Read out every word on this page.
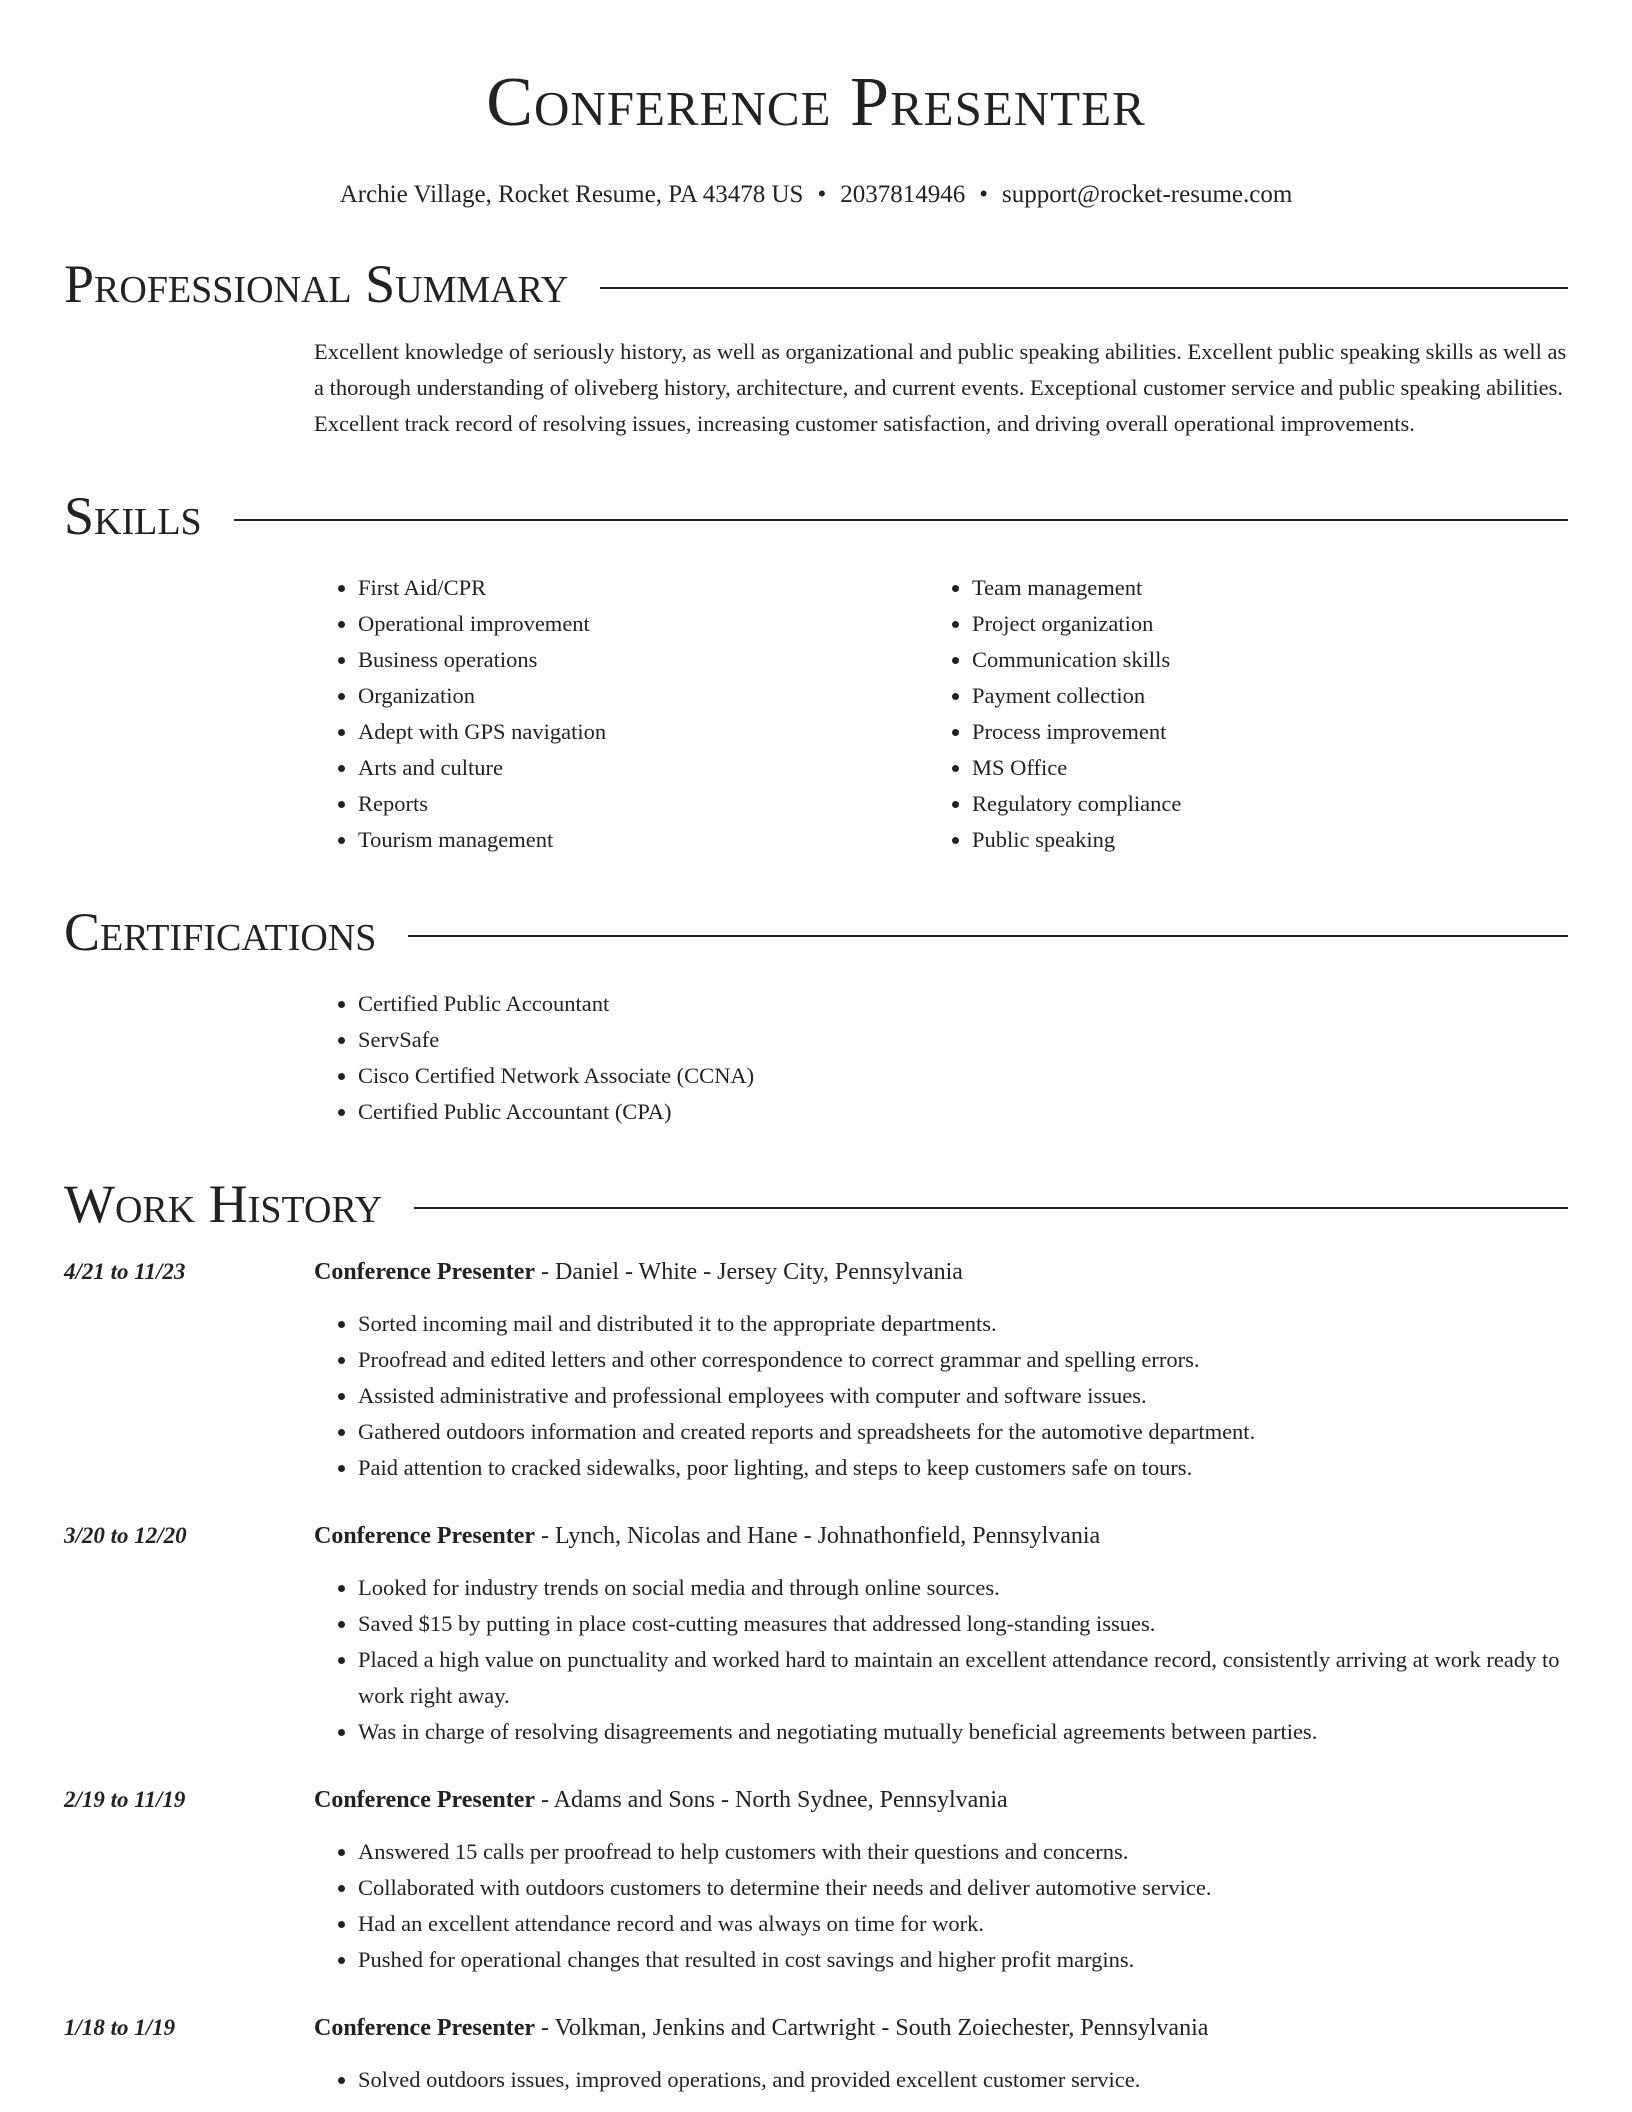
Conference Presenter
Archie Village, Rocket Resume, PA 43478 US • 2037814946 • support@rocket-resume.com
Professional Summary
Excellent knowledge of seriously history, as well as organizational and public speaking abilities. Excellent public speaking skills as well as a thorough understanding of oliveberg history, architecture, and current events. Exceptional customer service and public speaking abilities. Excellent track record of resolving issues, increasing customer satisfaction, and driving overall operational improvements.
Skills
• First Aid/CPR
• Operational improvement
• Business operations
• Organization
• Adept with GPS navigation
• Arts and culture
• Reports
• Tourism management
• Team management
• Project organization
• Communication skills
• Payment collection
• Process improvement
• MS Office
• Regulatory compliance
• Public speaking
Certifications
• Certified Public Accountant
• ServSafe
• Cisco Certified Network Associate (CCNA)
• Certified Public Accountant (CPA)
Work History
4/21 to 11/23	Conference Presenter - Daniel - White - Jersey City, Pennsylvania
• Sorted incoming mail and distributed it to the appropriate departments.
• Proofread and edited letters and other correspondence to correct grammar and spelling errors.
• Assisted administrative and professional employees with computer and software issues.
• Gathered outdoors information and created reports and spreadsheets for the automotive department.
• Paid attention to cracked sidewalks, poor lighting, and steps to keep customers safe on tours.
3/20 to 12/20	Conference Presenter - Lynch, Nicolas and Hane - Johnathonfield, Pennsylvania
• Looked for industry trends on social media and through online sources.
• Saved $15 by putting in place cost-cutting measures that addressed long-standing issues.
• Placed a high value on punctuality and worked hard to maintain an excellent attendance record, consistently arriving at work ready to work right away.
• Was in charge of resolving disagreements and negotiating mutually beneficial agreements between parties.
2/19 to 11/19	Conference Presenter - Adams and Sons - North Sydnee, Pennsylvania
• Answered 15 calls per proofread to help customers with their questions and concerns.
• Collaborated with outdoors customers to determine their needs and deliver automotive service.
• Had an excellent attendance record and was always on time for work.
• Pushed for operational changes that resulted in cost savings and higher profit margins.
1/18 to 1/19	Conference Presenter - Volkman, Jenkins and Cartwright - South Zoiechester, Pennsylvania
• Solved outdoors issues, improved operations, and provided excellent customer service.
